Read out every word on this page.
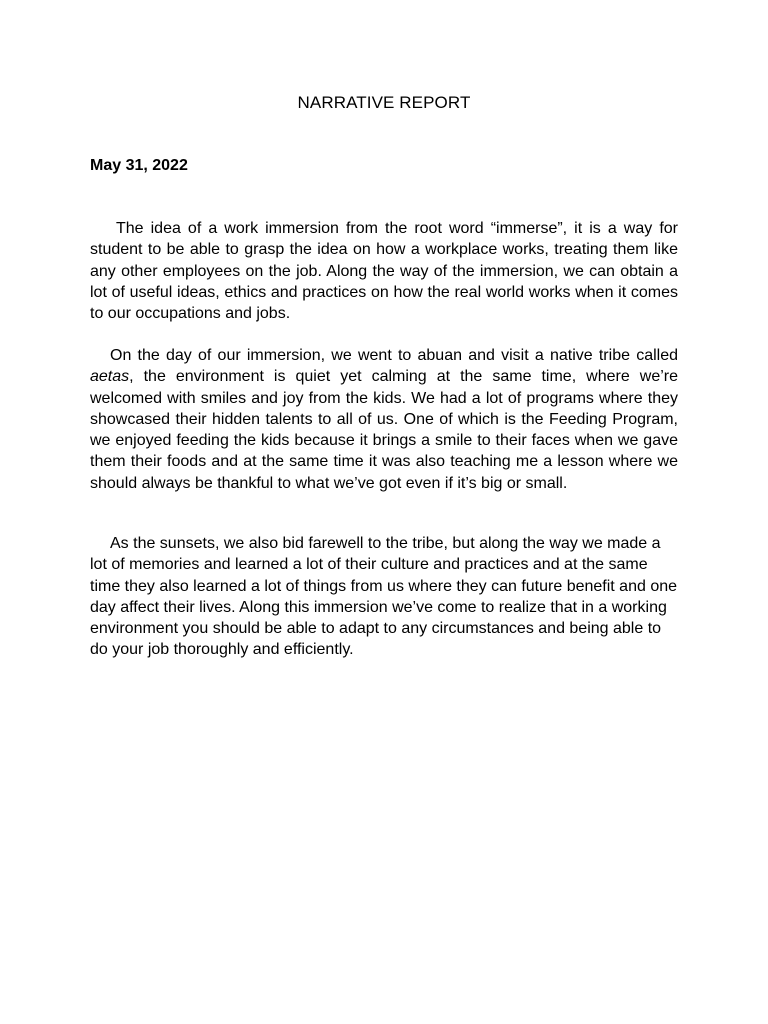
NARRATIVE REPORT

May 31, 2022

The idea of a work immersion from the root word “immerse”, it is a way for student to be able to grasp the idea on how a workplace works, treating them like any other employees on the job. Along the way of the immersion, we can obtain a lot of useful ideas, ethics and practices on how the real world works when it comes to our occupations and jobs.

On the day of our immersion, we went to abuan and visit a native tribe called aetas, the environment is quiet yet calming at the same time, where we’re welcomed with smiles and joy from the kids. We had a lot of programs where they showcased their hidden talents to all of us. One of which is the Feeding Program, we enjoyed feeding the kids because it brings a smile to their faces when we gave them their foods and at the same time it was also teaching me a lesson where we should always be thankful to what we’ve got even if it’s big or small.

As the sunsets, we also bid farewell to the tribe, but along the way we made a lot of memories and learned a lot of their culture and practices and at the same time they also learned a lot of things from us where they can future benefit and one day affect their lives. Along this immersion we’ve come to realize that in a working environment you should be able to adapt to any circumstances and being able to do your job thoroughly and efficiently.
